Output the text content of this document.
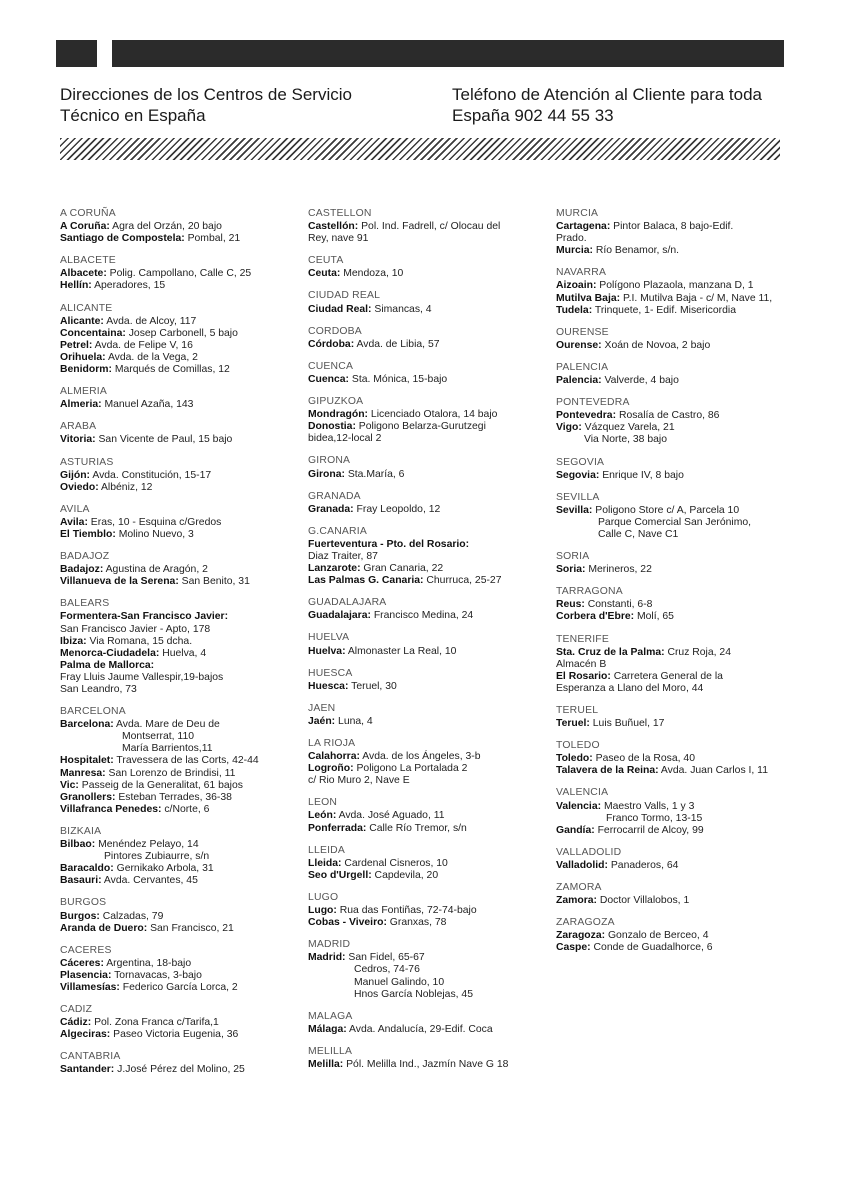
Direcciones de los Centros de Servicio
Técnico en España
Teléfono de Atención al Cliente para toda
España 902 44 55 33
A CORUÑA
A Coruña: Agra del Orzán, 20 bajo
Santiago de Compostela: Pombal, 21
ALBACETE
Albacete: Polig. Campollano, Calle C, 25
Hellín: Aperadores, 15
ALICANTE
Alicante: Avda. de Alcoy, 117
Concentaina: Josep Carbonell, 5 bajo
Petrel: Avda. de Felipe V, 16
Orihuela: Avda. de la Vega, 2
Benidorm: Marqués de Comillas, 12
ALMERIA
Almeria: Manuel Azaña, 143
ARABA
Vitoria: San Vicente de Paul, 15 bajo
ASTURIAS
Gijón: Avda. Constitución, 15-17
Oviedo: Albéniz, 12
AVILA
Avila: Eras, 10 - Esquina c/Gredos
El Tiemblo: Molino Nuevo, 3
BADAJOZ
Badajoz: Agustina de Aragón, 2
Villanueva de la Serena: San Benito, 31
BALEARS
Formentera-San Francisco Javier:
San Francisco Javier - Apto, 178
Ibiza: Via Romana, 15 dcha.
Menorca-Ciudadela: Huelva, 4
Palma de Mallorca:
Fray Lluis Jaume Vallespir,19-bajos
San Leandro, 73
BARCELONA
Barcelona: Avda. Mare de Deu de
Montserrat, 110
María Barrientos,11
Hospitalet: Travessera de las Corts, 42-44
Manresa: San Lorenzo de Brindisi, 11
Vic: Passeig de la Generalitat, 61 bajos
Granollers: Esteban Terrades, 36-38
Villafranca Penedes: c/Norte, 6
BIZKAIA
Bilbao: Menéndez Pelayo, 14
Pintores Zubiaurre, s/n
Baracaldo: Gernikako Arbola, 31
Basauri: Avda. Cervantes, 45
BURGOS
Burgos: Calzadas, 79
Aranda de Duero: San Francisco, 21
CACERES
Cáceres: Argentina, 18-bajo
Plasencia: Tornavacas, 3-bajo
Villamesías: Federico García Lorca, 2
CADIZ
Cádiz: Pol. Zona Franca c/Tarifa,1
Algeciras: Paseo Victoria Eugenia, 36
CANTABRIA
Santander: J.José Pérez del Molino, 25
CASTELLON
Castellón: Pol. Ind. Fadrell, c/ Olocau del
Rey, nave 91
CEUTA
Ceuta: Mendoza, 10
CIUDAD REAL
Ciudad Real: Simancas, 4
CORDOBA
Córdoba: Avda. de Libia, 57
CUENCA
Cuenca: Sta. Mónica, 15-bajo
GIPUZKOA
Mondragón: Licenciado Otalora, 14 bajo
Donostia: Poligono Belarza-Gurutzegi
bidea,12-local 2
GIRONA
Girona: Sta.María, 6
GRANADA
Granada: Fray Leopoldo, 12
G.CANARIA
Fuerteventura - Pto. del Rosario:
Diaz Traiter, 87
Lanzarote: Gran Canaria, 22
Las Palmas G. Canaria: Churruca, 25-27
GUADALAJARA
Guadalajara: Francisco Medina, 24
HUELVA
Huelva: Almonaster La Real, 10
HUESCA
Huesca: Teruel, 30
JAEN
Jaén: Luna, 4
LA RIOJA
Calahorra: Avda. de los Ángeles, 3-b
Logroño: Poligono La Portalada 2
c/ Rio Muro 2, Nave E
LEON
León: Avda. José Aguado, 11
Ponferrada: Calle Río Tremor, s/n
LLEIDA
Lleida: Cardenal Cisneros, 10
Seo d'Urgell: Capdevila, 20
LUGO
Lugo: Rua das Fontiñas, 72-74-bajo
Cobas - Viveiro: Granxas, 78
MADRID
Madrid: San Fidel, 65-67
Cedros, 74-76
Manuel Galindo, 10
Hnos García Noblejas, 45
MALAGA
Málaga: Avda. Andalucía, 29-Edif. Coca
MELILLA
Melilla: Pól. Melilla Ind., Jazmín Nave G 18
MURCIA
Cartagena: Pintor Balaca, 8 bajo-Edif.
Prado.
Murcia: Río Benamor, s/n.
NAVARRA
Aizoain: Polígono Plazaola, manzana D, 1
Mutilva Baja: P.I. Mutilva Baja - c/ M, Nave 11,
Tudela: Trinquete, 1- Edif. Misericordia
OURENSE
Ourense: Xoán de Novoa, 2 bajo
PALENCIA
Palencia: Valverde, 4 bajo
PONTEVEDRA
Pontevedra: Rosalía de Castro, 86
Vigo: Vázquez Varela, 21
Via Norte, 38 bajo
SEGOVIA
Segovia: Enrique IV, 8 bajo
SEVILLA
Sevilla: Poligono Store c/ A, Parcela 10
Parque Comercial San Jerónimo,
Calle C, Nave C1
SORIA
Soria: Merineros, 22
TARRAGONA
Reus: Constanti, 6-8
Corbera d'Ebre: Molí, 65
TENERIFE
Sta. Cruz de la Palma: Cruz Roja, 24
Almacén B
El Rosario: Carretera General de la
Esperanza a Llano del Moro, 44
TERUEL
Teruel: Luis Buñuel, 17
TOLEDO
Toledo: Paseo de la Rosa, 40
Talavera de la Reina: Avda. Juan Carlos I, 11
VALENCIA
Valencia: Maestro Valls, 1 y 3
Franco Tormo, 13-15
Gandía: Ferrocarril de Alcoy, 99
VALLADOLID
Valladolid: Panaderos, 64
ZAMORA
Zamora: Doctor Villalobos, 1
ZARAGOZA
Zaragoza: Gonzalo de Berceo, 4
Caspe: Conde de Guadalhorce, 6
